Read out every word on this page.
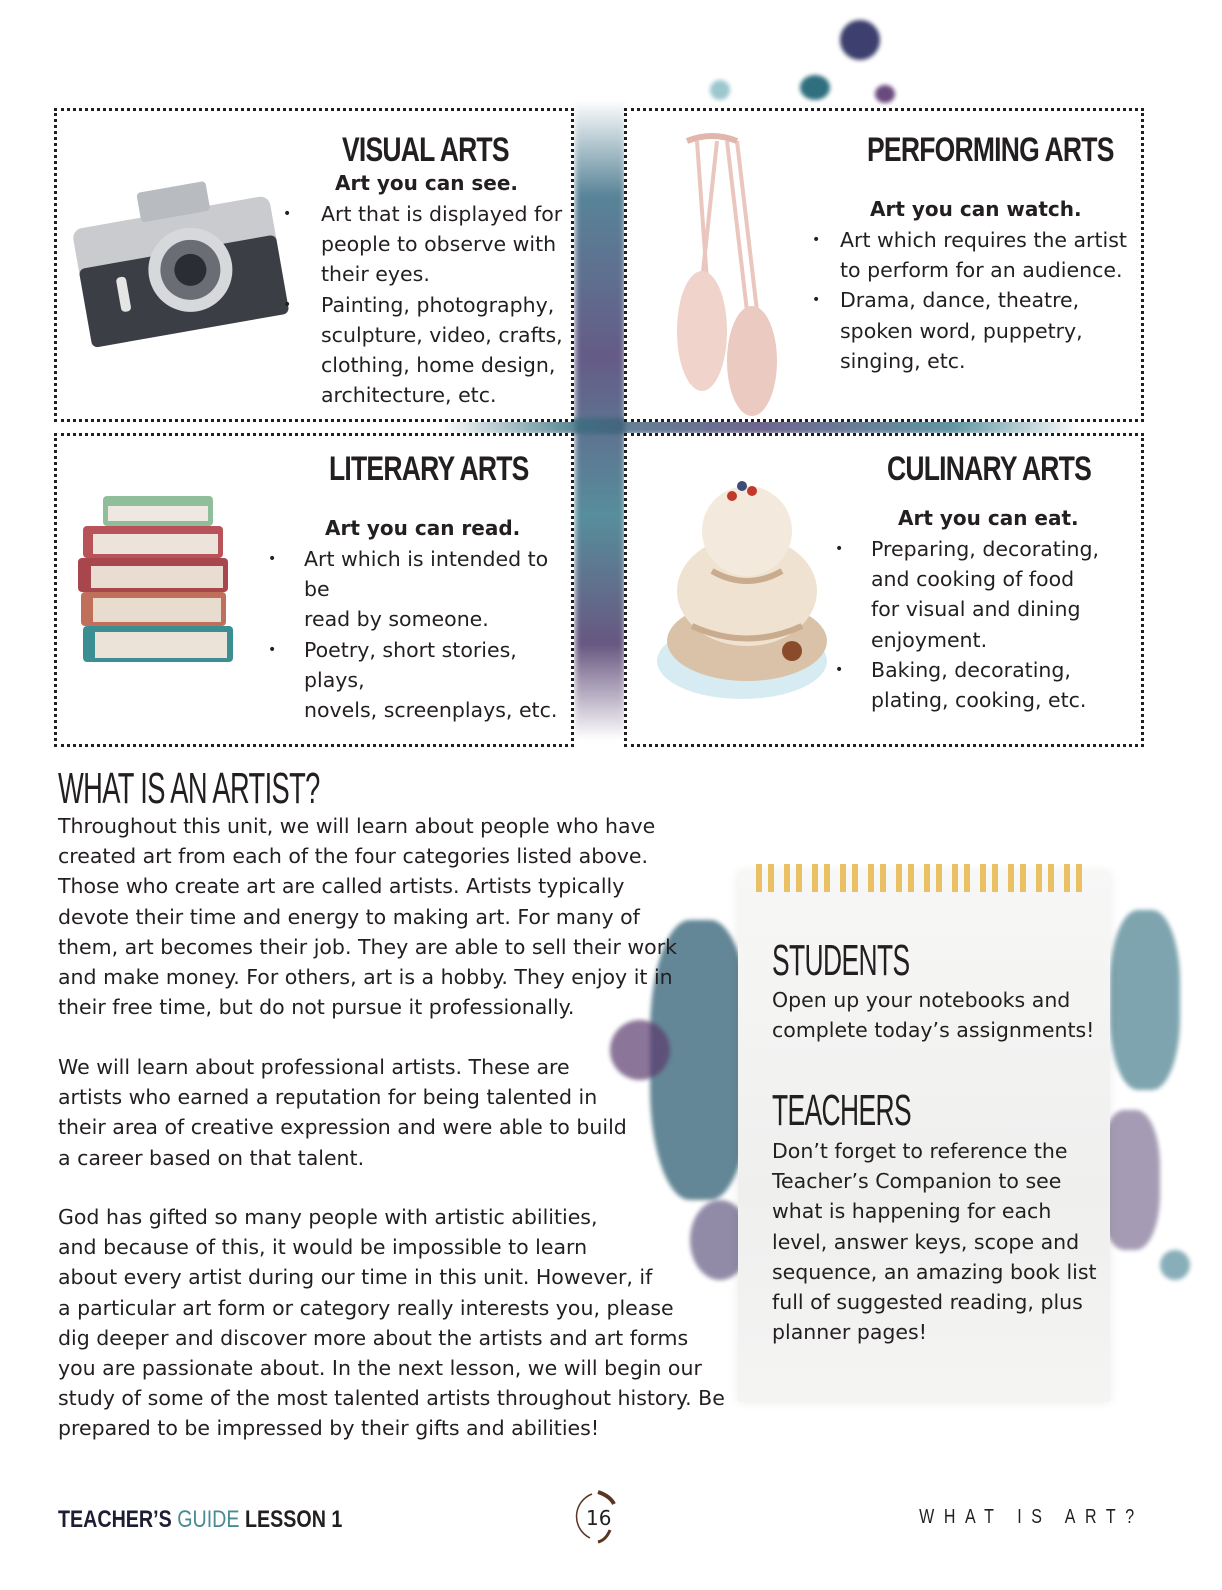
VISUAL ARTS
Art you can see.
• Art that is displayed for
people to observe with
their eyes.
• Painting, photography,
sculpture, video, crafts,
clothing, home design,
architecture, etc.
PERFORMING ARTS
Art you can watch.
• Art which requires the artist
to perform for an audience.
• Drama, dance, theatre,
spoken word, puppetry,
singing, etc.
LITERARY ARTS
Art you can read.
• Art which is intended to be
read by someone.
• Poetry, short stories, plays,
novels, screenplays, etc.
CULINARY ARTS
Art you can eat.
• Preparing, decorating,
and cooking of food
for visual and dining
enjoyment.
• Baking, decorating,
plating, cooking, etc.
WHAT IS AN ARTIST?
Throughout this unit, we will learn about people who have
created art from each of the four categories listed above.
Those who create art are called artists. Artists typically
devote their time and energy to making art. For many of
them, art becomes their job. They are able to sell their work
and make money. For others, art is a hobby. They enjoy it in
their free time, but do not pursue it professionally.
We will learn about professional artists. These are
artists who earned a reputation for being talented in
their area of creative expression and were able to build
a career based on that talent.
God has gifted so many people with artistic abilities,
and because of this, it would be impossible to learn
about every artist during our time in this unit. However, if
a particular art form or category really interests you, please
dig deeper and discover more about the artists and art forms
you are passionate about. In the next lesson, we will begin our
study of some of the most talented artists throughout history. Be
prepared to be impressed by their gifts and abilities!
STUDENTS
Open up your notebooks and
complete today’s assignments!
TEACHERS
Don’t forget to reference the
Teacher’s Companion to see
what is happening for each
level, answer keys, scope and
sequence, an amazing book list
full of suggested reading, plus
planner pages!
TEACHER’S GUIDE LESSON 1	16	WHAT IS ART?
